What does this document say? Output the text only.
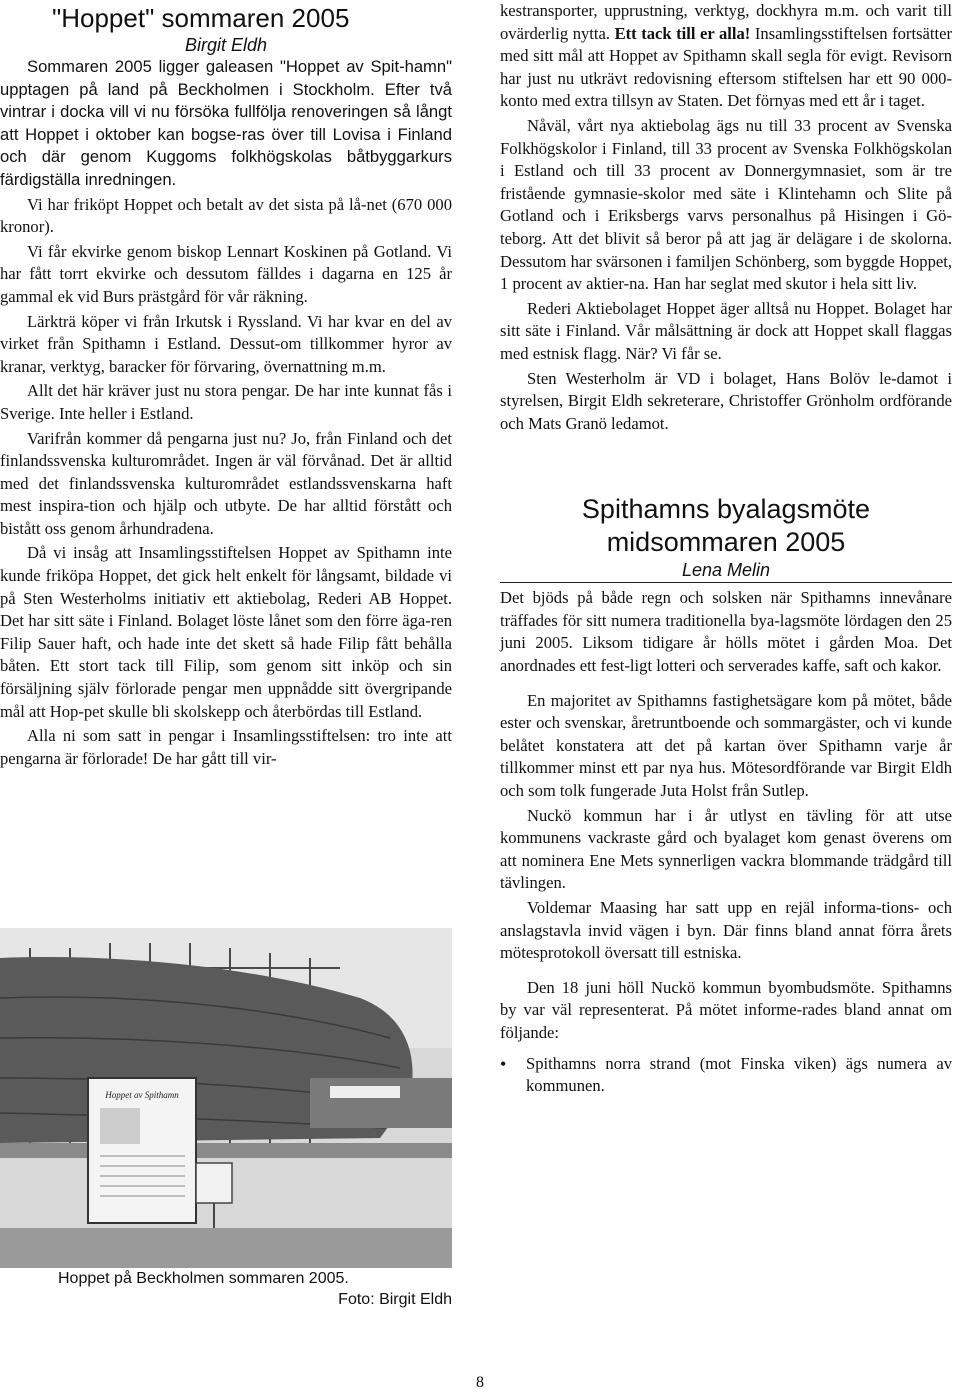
"Hoppet" sommaren 2005

Birgit Eldh

Sommaren 2005 ligger galeasen "Hoppet av Spit-hamn" upptagen på land på Beckholmen i Stockholm. Efter två vintrar i docka vill vi nu försöka fullfölja renoveringen så långt att Hoppet i oktober kan bogse-ras över till Lovisa i Finland och där genom Kuggoms folkhögskolas båtbyggarkurs färdigställa inredningen.

Vi har friköpt Hoppet och betalt av det sista på lå-net (670 000 kronor).

Vi får ekvirke genom biskop Lennart Koskinen på Gotland. Vi har fått torrt ekvirke och dessutom fälldes i dagarna en 125 år gammal ek vid Burs prästgård för vår räkning.

Lärkträ köper vi från Irkutsk i Ryssland. Vi har kvar en del av virket från Spithamn i Estland. Dessut-om tillkommer hyror av kranar, verktyg, baracker för förvaring, övernattning m.m.

Allt det här kräver just nu stora pengar. De har inte kunnat fås i Sverige. Inte heller i Estland.

Varifrån kommer då pengarna just nu? Jo, från Finland och det finlandssvenska kulturområdet. Ingen är väl förvånad. Det är alltid med det finlandssvenska kulturområdet estlandssvenskarna haft mest inspira-tion och hjälp och utbyte. De har alltid förstått och bistått oss genom århundradena.

Då vi insåg att Insamlingsstiftelsen Hoppet av Spithamn inte kunde friköpa Hoppet, det gick helt enkelt för långsamt, bildade vi på Sten Westerholms initiativ ett aktiebolag, Rederi AB Hoppet. Det har sitt säte i Finland. Bolaget löste lånet som den förre äga-ren Filip Sauer haft, och hade inte det skett så hade Filip fått behålla båten. Ett stort tack till Filip, som genom sitt inköp och sin försäljning själv förlorade pengar men uppnådde sitt övergripande mål att Hop-pet skulle bli skolskepp och återbördas till Estland.

Alla ni som satt in pengar i Insamlingsstiftelsen: tro inte att pengarna är förlorade! De har gått till vir-

Hoppet av Spithamn
Hoppet på Beckholmen sommaren 2005.
Foto: Birgit Eldh

kestransporter, upprustning, verktyg, dockhyra m.m. och varit till ovärderlig nytta. Ett tack till er alla! Insamlingsstiftelsen fortsätter med sitt mål att Hoppet av Spithamn skall segla för evigt. Revisorn har just nu utkrävt redovisning eftersom stiftelsen har ett 90 000-konto med extra tillsyn av Staten. Det förnyas med ett år i taget.

Nåväl, vårt nya aktiebolag ägs nu till 33 procent av Svenska Folkhögskolor i Finland, till 33 procent av Svenska Folkhögskolan i Estland och till 33 procent av Donnergymnasiet, som är tre fristående gymnasie-skolor med säte i Klintehamn och Slite på Gotland och i Eriksbergs varvs personalhus på Hisingen i Gö-teborg. Att det blivit så beror på att jag är delägare i de skolorna. Dessutom har svärsonen i familjen Schönberg, som byggde Hoppet, 1 procent av aktier-na. Han har seglat med skutor i hela sitt liv.

Rederi Aktiebolaget Hoppet äger alltså nu Hoppet. Bolaget har sitt säte i Finland. Vår målsättning är dock att Hoppet skall flaggas med estnisk flagg. När? Vi får se.

Sten Westerholm är VD i bolaget, Hans Bolöv le-damot i styrelsen, Birgit Eldh sekreterare, Christoffer Grönholm ordförande och Mats Granö ledamot.

Spithamns byalagsmöte

midsommaren 2005

Lena Melin

Det bjöds på både regn och solsken när Spithamns innevånare träffades för sitt numera traditionella bya-lagsmöte lördagen den 25 juni 2005. Liksom tidigare år hölls mötet i gården Moa. Det anordnades ett fest-ligt lotteri och serverades kaffe, saft och kakor.

En majoritet av Spithamns fastighetsägare kom på mötet, både ester och svenskar, åretruntboende och sommargäster, och vi kunde belåtet konstatera att det på kartan över Spithamn varje år tillkommer minst ett par nya hus. Mötesordförande var Birgit Eldh och som tolk fungerade Juta Holst från Sutlep.

Nuckö kommun har i år utlyst en tävling för att utse kommunens vackraste gård och byalaget kom genast överens om att nominera Ene Mets synnerligen vackra blommande trädgård till tävlingen.

Voldemar Maasing har satt upp en rejäl informa-tions- och anslagstavla invid vägen i byn. Där finns bland annat förra årets mötesprotokoll översatt till estniska.

Den 18 juni höll Nuckö kommun byombudsmöte. Spithamns by var väl representerat. På mötet informe-rades bland annat om följande:

•	Spithamns norra strand (mot Finska viken) ägs numera av kommunen.
8
